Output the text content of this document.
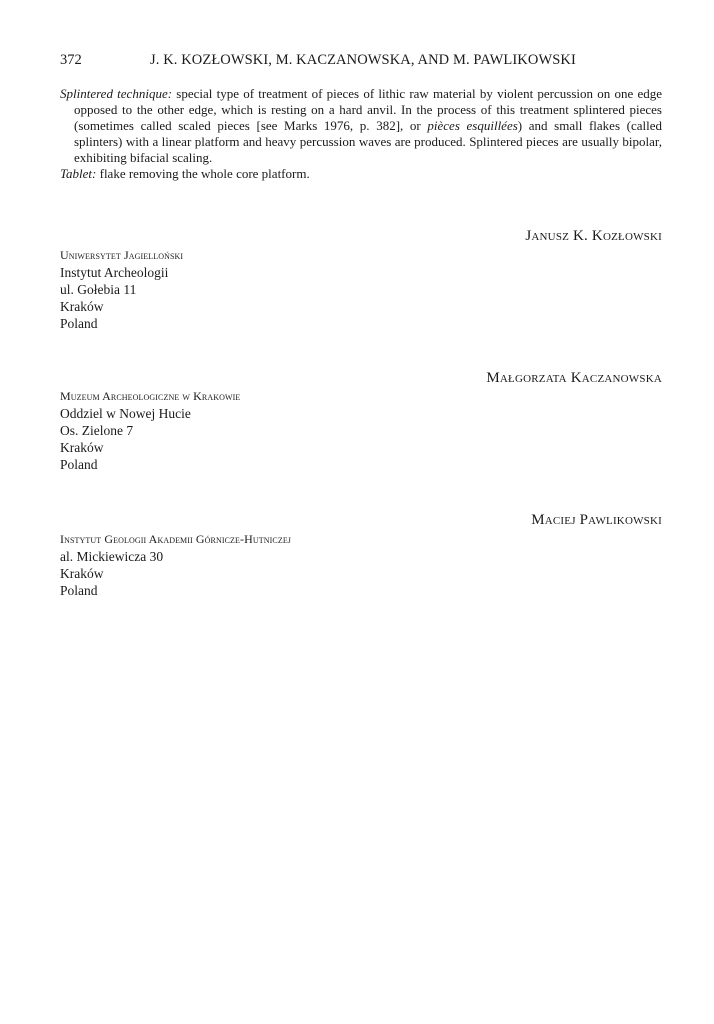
372	J. K. KOZŁOWSKI, M. KACZANOWSKA, AND M. PAWLIKOWSKI

Splintered technique: special type of treatment of pieces of lithic raw material by violent percussion on one edge opposed to the other edge, which is resting on a hard anvil. In the process of this treatment splintered pieces (sometimes called scaled pieces [see Marks 1976, p. 382], or pièces esquillées) and small flakes (called splinters) with a linear platform and heavy percussion waves are produced. Splintered pieces are usually bipolar, exhibiting bifacial scaling.

Tablet: flake removing the whole core platform.

Janusz K. Kozłowski
Uniwersytet Jagielloński
Instytut Archeologii
ul. Gołebia 11
Kraków
Poland
Małgorzata Kaczanowska
Muzeum Archeologiczne w Krakowie
Oddziel w Nowej Hucie
Os. Zielone 7
Kraków
Poland
Maciej Pawlikowski
Instytut Geologii Akademii Górnicze-Hutniczej
al. Mickiewicza 30
Kraków
Poland
